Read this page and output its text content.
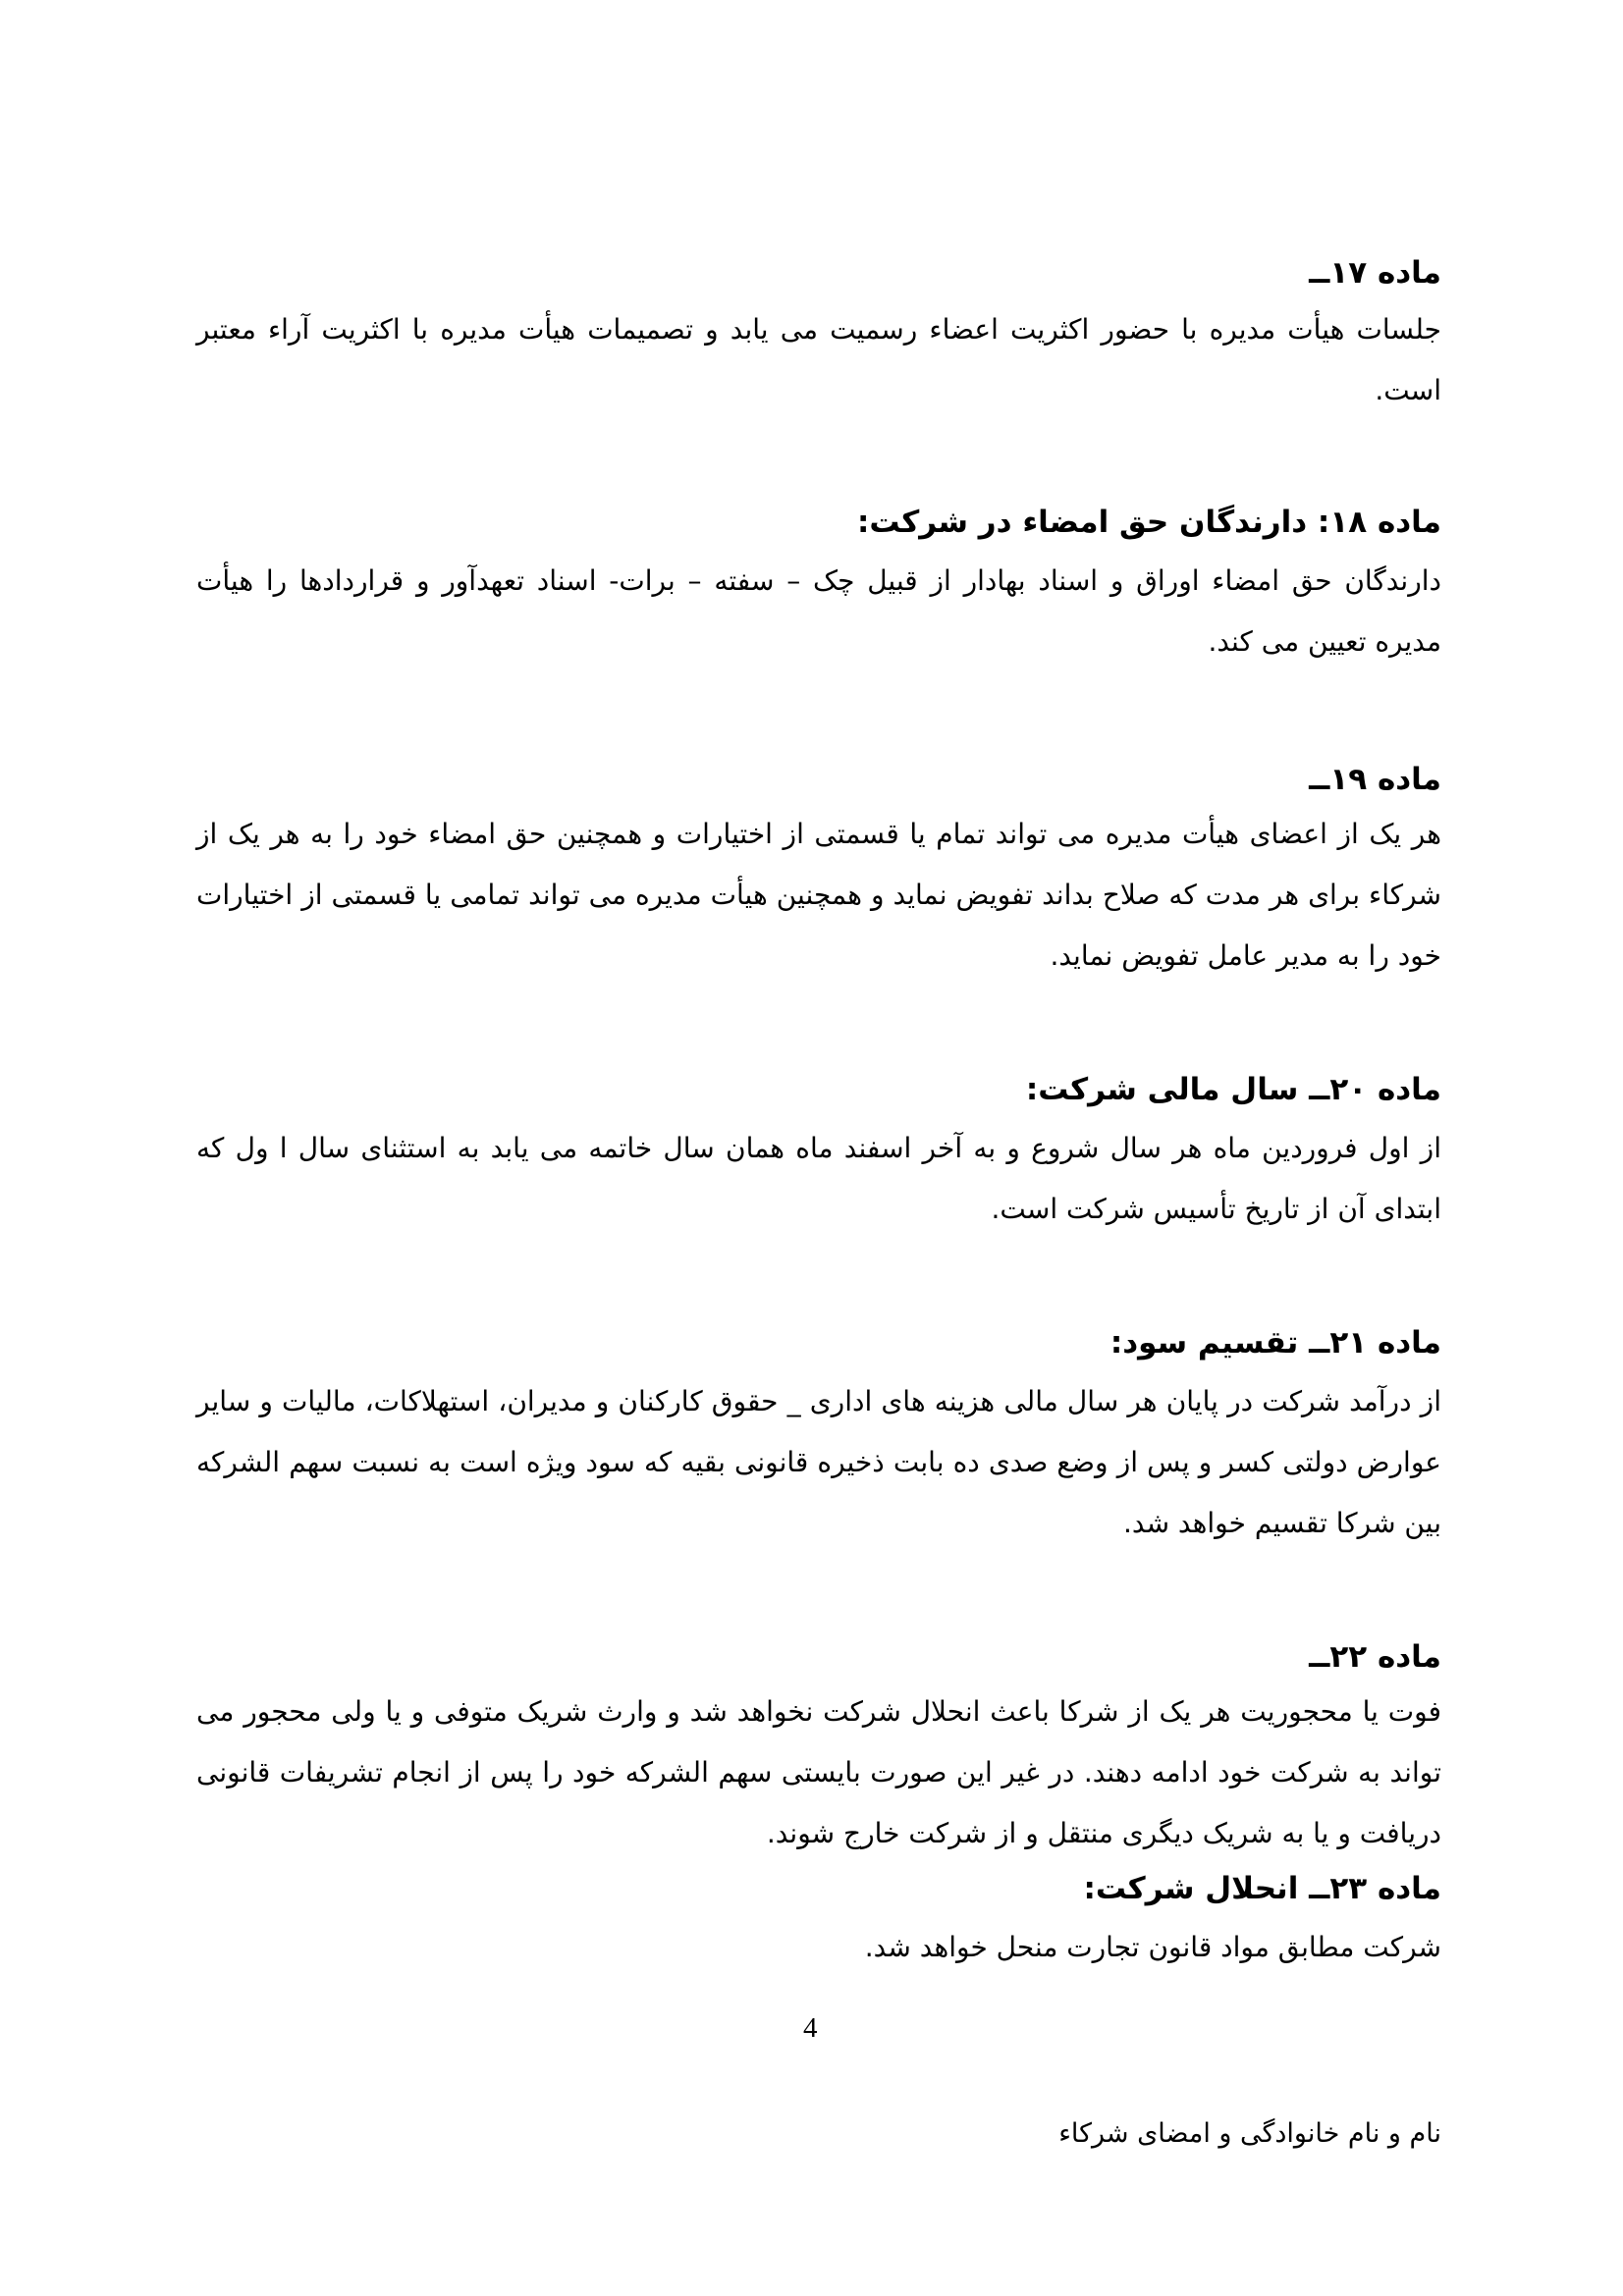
ماده ۱۷ــ

جلسات هیأت مدیره با حضور اکثریت اعضاء رسمیت می یابد و تصمیمات هیأت مدیره با اکثریت آراء معتبر است.

ماده ۱۸: دارندگان حق امضاء در شرکت:

دارندگان حق امضاء اوراق و اسناد بهادار از قبیل چک – سفته – برات- اسناد تعهدآور و قراردادها را هیأت مدیره تعیین می کند.

ماده ۱۹ــ

هر یک از اعضای هیأت مدیره می تواند تمام یا قسمتی از اختیارات و همچنین حق امضاء خود را به هر یک از شرکاء برای هر مدت که صلاح بداند تفویض نماید و همچنین هیأت مدیره می تواند تمامی یا قسمتی از اختیارات خود را به مدیر عامل تفویض نماید.

ماده ۲۰ــ سال مالی شرکت:

از اول فروردین ماه هر سال شروع و به آخر اسفند ماه همان سال خاتمه می یابد به استثنای سال ا ول که ابتدای آن از تاریخ تأسیس شرکت است.

ماده ۲۱ــ تقسیم سود:

از درآمد شرکت در پایان هر سال مالی هزینه های اداری _ حقوق کارکنان و مدیران، استهلاکات، مالیات و سایر عوارض دولتی کسر و پس از وضع صدی ده بابت ذخیره قانونی بقیه که سود ویژه است به نسبت سهم الشرکه بین شرکا تقسیم خواهد شد.

ماده ۲۲ــ

فوت یا محجوریت هر یک از شرکا باعث انحلال شرکت نخواهد شد و وارث شریک متوفی و یا ولی محجور می تواند به شرکت خود ادامه دهند. در غیر این صورت بایستی سهم الشرکه خود را پس از انجام تشریفات قانونی دریافت و یا به شریک دیگری منتقل و از شرکت خارج شوند.

ماده ۲۳ــ انحلال شرکت:

شرکت مطابق مواد قانون تجارت منحل خواهد شد.

4
نام و نام خانوادگی و امضای شرکاء
